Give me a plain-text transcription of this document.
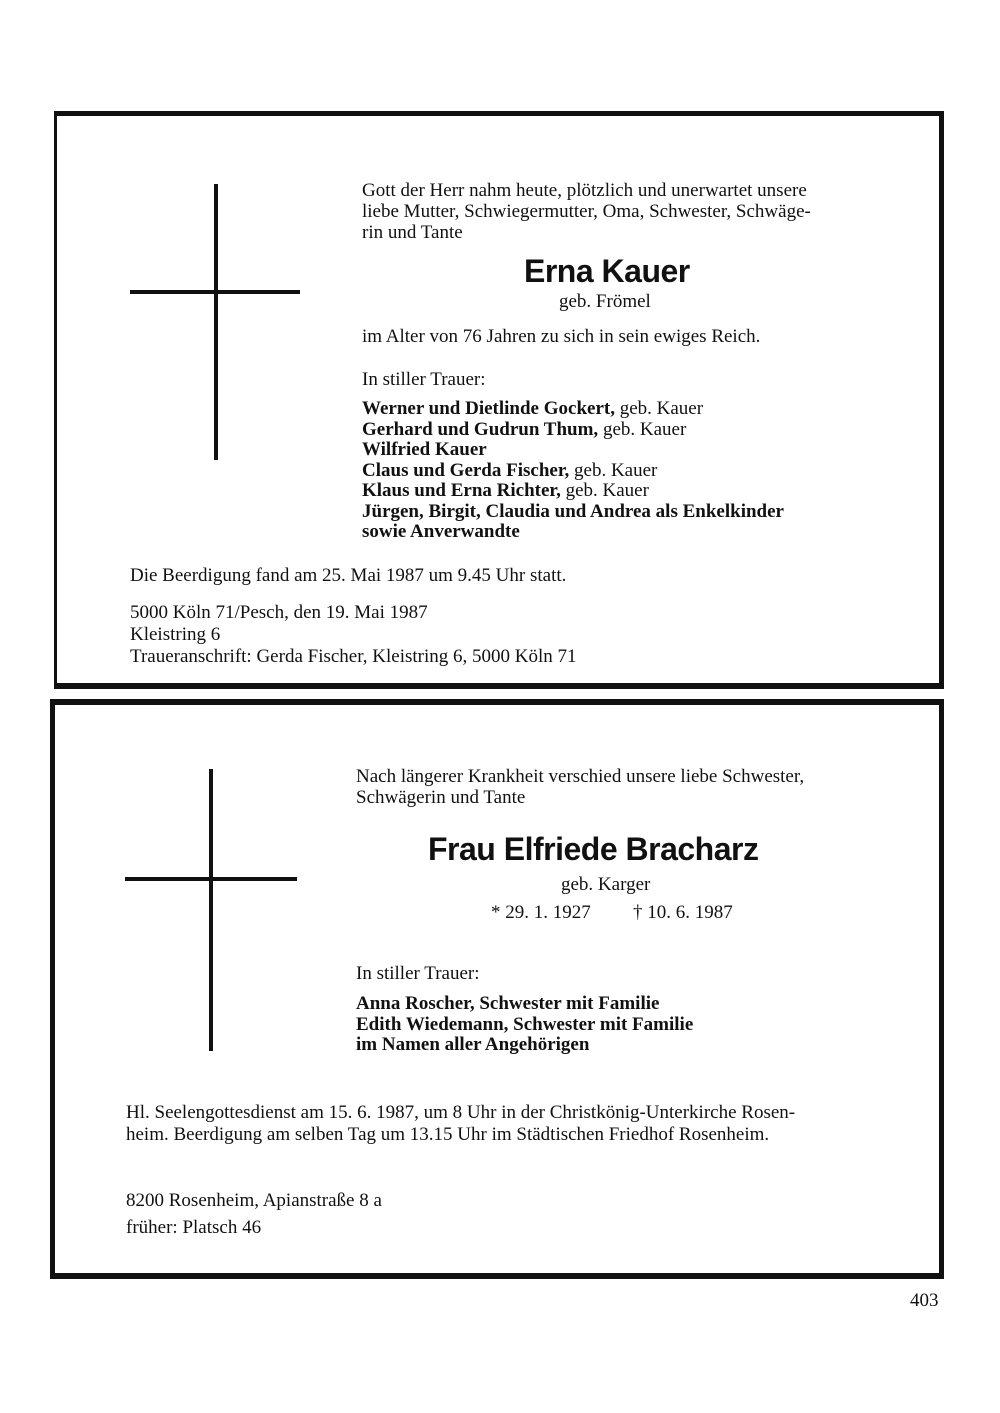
Gott der Herr nahm heute, plötzlich und unerwartet unsere
liebe Mutter, Schwiegermutter, Oma, Schwester, Schwäge-
rin und Tante
Erna Kauer
geb. Frömel
im Alter von 76 Jahren zu sich in sein ewiges Reich.
In stiller Trauer:
Werner und Dietlinde Gockert, geb. Kauer
Gerhard und Gudrun Thum, geb. Kauer
Wilfried Kauer
Claus und Gerda Fischer, geb. Kauer
Klaus und Erna Richter, geb. Kauer
Jürgen, Birgit, Claudia und Andrea als Enkelkinder
sowie Anverwandte
Die Beerdigung fand am 25. Mai 1987 um 9.45 Uhr statt.
5000 Köln 71/Pesch, den 19. Mai 1987
Kleistring 6
Traueranschrift: Gerda Fischer, Kleistring 6, 5000 Köln 71
Nach längerer Krankheit verschied unsere liebe Schwester,
Schwägerin und Tante
Frau Elfriede Bracharz
geb. Karger
* 29. 1. 1927 † 10. 6. 1987
In stiller Trauer:
Anna Roscher, Schwester mit Familie
Edith Wiedemann, Schwester mit Familie
im Namen aller Angehörigen
Hl. Seelengottesdienst am 15. 6. 1987, um 8 Uhr in der Christkönig-Unterkirche Rosen-
heim. Beerdigung am selben Tag um 13.15 Uhr im Städtischen Friedhof Rosenheim.
8200 Rosenheim, Apianstraße 8 a
früher: Platsch 46
403
